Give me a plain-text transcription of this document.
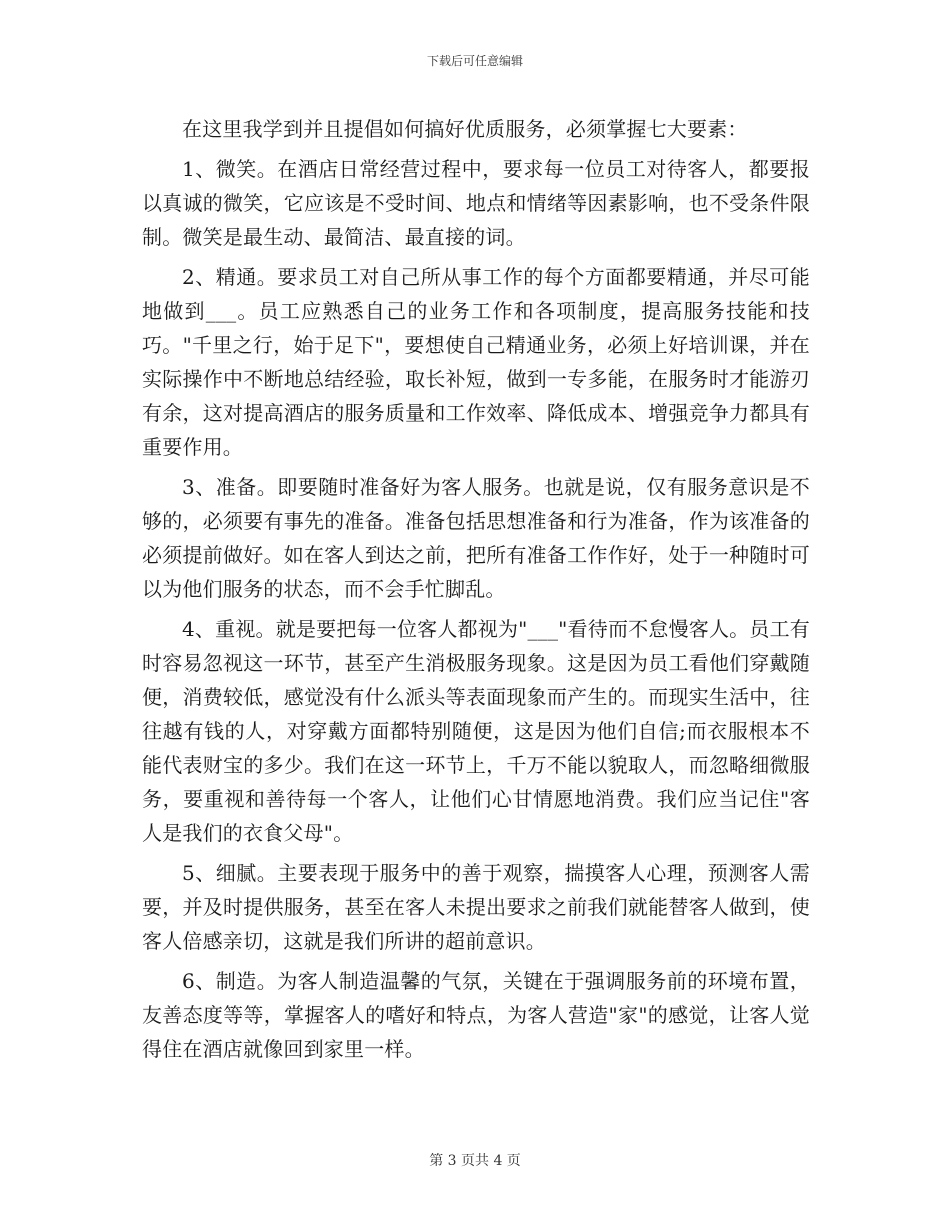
下载后可任意编辑

在这里我学到并且提倡如何搞好优质服务，必须掌握七大要素：

1、微笑。在酒店日常经营过程中，要求每一位员工对待客人，都要报以真诚的微笑，它应该是不受时间、地点和情绪等因素影响，也不受条件限制。微笑是最生动、最简洁、最直接的词。

2、精通。要求员工对自己所从事工作的每个方面都要精通，并尽可能地做到___。员工应熟悉自己的业务工作和各项制度，提高服务技能和技巧。"千里之行，始于足下"，要想使自己精通业务，必须上好培训课，并在实际操作中不断地总结经验，取长补短，做到一专多能，在服务时才能游刃有余，这对提高酒店的服务质量和工作效率、降低成本、增强竞争力都具有重要作用。

3、准备。即要随时准备好为客人服务。也就是说，仅有服务意识是不够的，必须要有事先的准备。准备包括思想准备和行为准备，作为该准备的必须提前做好。如在客人到达之前，把所有准备工作作好，处于一种随时可以为他们服务的状态，而不会手忙脚乱。

4、重视。就是要把每一位客人都视为"___"看待而不怠慢客人。员工有时容易忽视这一环节，甚至产生消极服务现象。这是因为员工看他们穿戴随便，消费较低，感觉没有什么派头等表面现象而产生的。而现实生活中，往往越有钱的人，对穿戴方面都特别随便，这是因为他们自信;而衣服根本不能代表财宝的多少。我们在这一环节上，千万不能以貌取人，而忽略细微服务，要重视和善待每一个客人，让他们心甘情愿地消费。我们应当记住"客人是我们的衣食父母"。

5、细腻。主要表现于服务中的善于观察，揣摸客人心理，预测客人需要，并及时提供服务，甚至在客人未提出要求之前我们就能替客人做到，使客人倍感亲切，这就是我们所讲的超前意识。

6、制造。为客人制造温馨的气氛，关键在于强调服务前的环境布置，友善态度等等，掌握客人的嗜好和特点，为客人营造"家"的感觉，让客人觉得住在酒店就像回到家里一样。

第 3 页共 4 页
